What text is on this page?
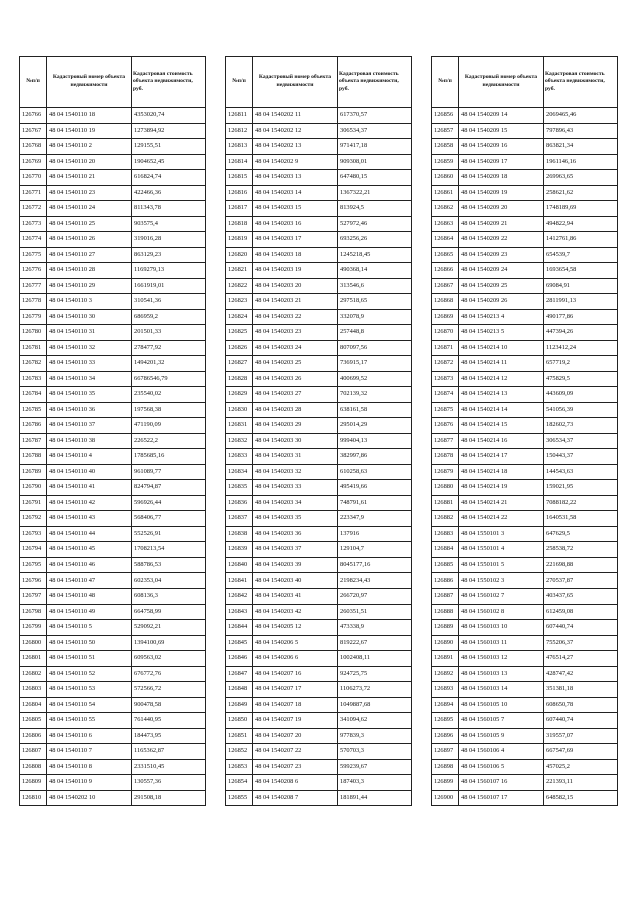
№п/п	Кадастровый номер объекта недвижимости	Кадастровая стоимость объекта недвижимости, руб.
126766	48 04 1540110 18	4353020,74
126767	48 04 1540110 19	1273894,92
126768	48 04 1540110 2	129155,51
126769	48 04 1540110 20	1904652,45
126770	48 04 1540110 21	616824,74
126771	48 04 1540110 23	422466,36
126772	48 04 1540110 24	811343,78
126773	48 04 1540110 25	903575,4
126774	48 04 1540110 26	319016,28
126775	48 04 1540110 27	863129,23
126776	48 04 1540110 28	1169279,13
126777	48 04 1540110 29	1661919,01
126778	48 04 1540110 3	310541,36
126779	48 04 1540110 30	686959,2
126780	48 04 1540110 31	201501,33
126781	48 04 1540110 32	278477,92
126782	48 04 1540110 33	1494201,32
126783	48 04 1540110 34	66786546,79
126784	48 04 1540110 35	235540,02
126785	48 04 1540110 36	197568,38
126786	48 04 1540110 37	471190,09
126787	48 04 1540110 38	226522,2
126788	48 04 1540110 4	1785685,16
126789	48 04 1540110 40	961089,77
126790	48 04 1540110 41	824794,87
126791	48 04 1540110 42	596926,44
126792	48 04 1540110 43	568406,77
126793	48 04 1540110 44	552526,91
126794	48 04 1540110 45	1708213,54
126795	48 04 1540110 46	588786,53
126796	48 04 1540110 47	602353,04
126797	48 04 1540110 48	608136,3
126798	48 04 1540110 49	664758,99
126799	48 04 1540110 5	529092,21
126800	48 04 1540110 50	1394100,69
126801	48 04 1540110 51	609563,02
126802	48 04 1540110 52	676772,76
126803	48 04 1540110 53	572566,72
126804	48 04 1540110 54	900478,58
126805	48 04 1540110 55	761440,95
126806	48 04 1540110 6	184473,95
126807	48 04 1540110 7	1165362,87
126808	48 04 1540110 8	2331510,45
126809	48 04 1540110 9	130557,36
126810	48 04 1540202 10	291508,18
№п/п	Кадастровый номер объекта недвижимости	Кадастровая стоимость объекта недвижимости, руб.
126811	48 04 1540202 11	617370,57
126812	48 04 1540202 12	306534,37
126813	48 04 1540202 13	971417,18
126814	48 04 1540202 9	909308,01
126815	48 04 1540203 13	647480,15
126816	48 04 1540203 14	1367322,21
126817	48 04 1540203 15	813924,5
126818	48 04 1540203 16	527972,46
126819	48 04 1540203 17	693256,26
126820	48 04 1540203 18	1245218,45
126821	48 04 1540203 19	490368,14
126822	48 04 1540203 20	313546,6
126823	48 04 1540203 21	297518,65
126824	48 04 1540203 22	332078,9
126825	48 04 1540203 23	257448,8
126826	48 04 1540203 24	807097,56
126827	48 04 1540203 25	736915,17
126828	48 04 1540203 26	400699,52
126829	48 04 1540203 27	702139,32
126830	48 04 1540203 28	638161,58
126831	48 04 1540203 29	295014,29
126832	48 04 1540203 30	999404,13
126833	48 04 1540203 31	382997,86
126834	48 04 1540203 32	610258,63
126835	48 04 1540203 33	495419,66
126836	48 04 1540203 34	748791,61
126837	48 04 1540203 35	223347,9
126838	48 04 1540203 36	137916
126839	48 04 1540203 37	129104,7
126840	48 04 1540203 39	8045177,16
126841	48 04 1540203 40	2198234,43
126842	48 04 1540203 41	266720,97
126843	48 04 1540203 42	260351,51
126844	48 04 1540205 12	473338,9
126845	48 04 1540206 5	819222,67
126846	48 04 1540206 6	1002408,11
126847	48 04 1540207 16	924725,75
126848	48 04 1540207 17	1106273,72
126849	48 04 1540207 18	1049887,68
126850	48 04 1540207 19	341094,62
126851	48 04 1540207 20	977839,3
126852	48 04 1540207 22	570703,3
126853	48 04 1540207 23	599239,67
126854	48 04 1540208 6	187403,3
126855	48 04 1540208 7	181891,44
№п/п	Кадастровый номер объекта недвижимости	Кадастровая стоимость объекта недвижимости, руб.
126856	48 04 1540209 14	2069465,46
126857	48 04 1540209 15	797896,43
126858	48 04 1540209 16	863821,34
126859	48 04 1540209 17	1961146,16
126860	48 04 1540209 18	269963,65
126861	48 04 1540209 19	258621,62
126862	48 04 1540209 20	1748189,69
126863	48 04 1540209 21	494822,94
126864	48 04 1540209 22	1412761,86
126865	48 04 1540209 23	654539,7
126866	48 04 1540209 24	1693654,58
126867	48 04 1540209 25	69084,91
126868	48 04 1540209 26	2811991,13
126869	48 04 1540213 4	490177,86
126870	48 04 1540213 5	447394,26
126871	48 04 1540214 10	1123412,24
126872	48 04 1540214 11	657719,2
126873	48 04 1540214 12	475829,5
126874	48 04 1540214 13	443609,09
126875	48 04 1540214 14	541056,39
126876	48 04 1540214 15	182602,73
126877	48 04 1540214 16	306534,37
126878	48 04 1540214 17	150443,37
126879	48 04 1540214 18	144543,63
126880	48 04 1540214 19	159021,95
126881	48 04 1540214 21	7088182,22
126882	48 04 1540214 22	1640531,58
126883	48 04 1550101 3	647629,5
126884	48 04 1550101 4	258538,72
126885	48 04 1550101 5	221698,88
126886	48 04 1550102 3	270537,87
126887	48 04 1560102 7	403437,65
126888	48 04 1560102 8	612459,08
126889	48 04 1560103 10	607440,74
126890	48 04 1560103 11	755206,37
126891	48 04 1560103 12	476514,27
126892	48 04 1560103 13	428747,42
126893	48 04 1560103 14	351381,18
126894	48 04 1560105 10	608650,78
126895	48 04 1560105 7	607440,74
126896	48 04 1560105 9	319557,07
126897	48 04 1560106 4	667547,69
126898	48 04 1560106 5	457025,2
126899	48 04 1560107 16	221393,11
126900	48 04 1560107 17	648582,15
